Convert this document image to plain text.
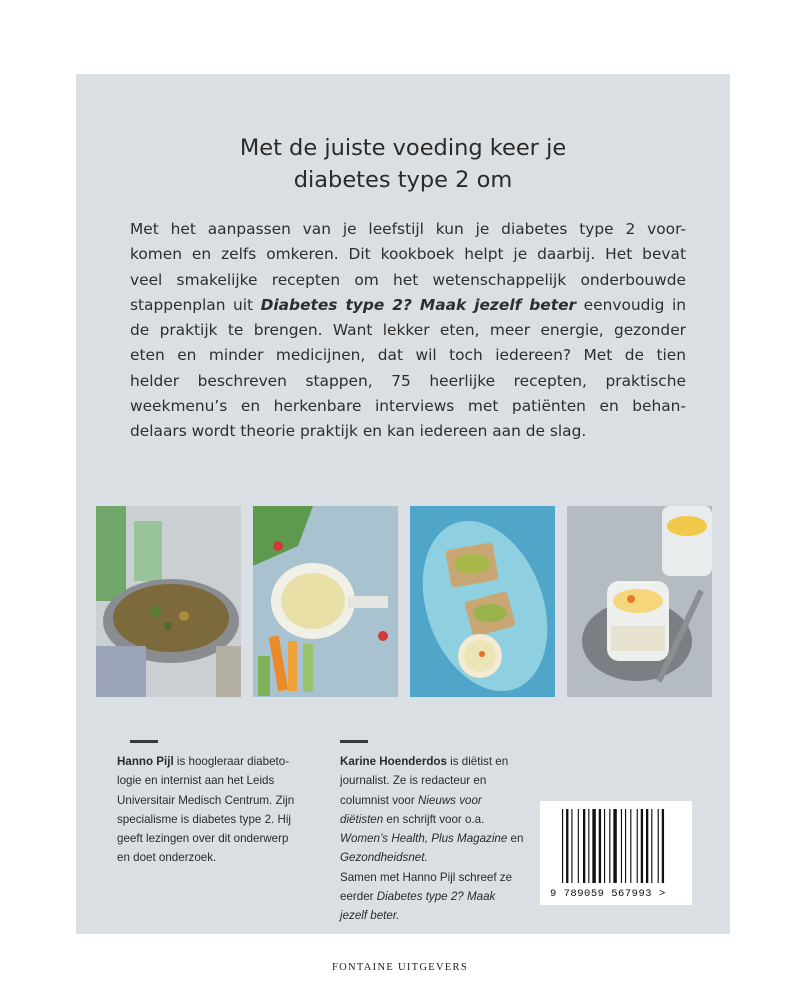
Met de juiste voeding keer je
diabetes type 2 om
Met het aanpassen van je leefstijl kun je diabetes type 2 voor-
komen en zelfs omkeren. Dit kookboek helpt je daarbij. Het bevat
veel smakelijke recepten om het wetenschappelijk onderbouwde
stappenplan uit Diabetes type 2? Maak jezelf beter eenvoudig in
de praktijk te brengen. Want lekker eten, meer energie, gezonder
eten en minder medicijnen, dat wil toch iedereen? Met de tien
helder beschreven stappen, 75 heerlijke recepten, praktische
weekmenu’s en herkenbare interviews met patiënten en behan-
delaars wordt theorie praktijk en kan iedereen aan de slag.
Hanno Pijl is hoogleraar diabeto-
logie en internist aan het Leids
Universitair Medisch Centrum. Zijn
specialisme is diabetes type 2. Hij
geeft lezingen over dit onderwerp
en doet onderzoek.
Karine Hoenderdos is diëtist en
journalist. Ze is redacteur en
columnist voor Nieuws voor
diëtisten en schrijft voor o.a.
Women’s Health, Plus Magazine en
Gezondheidsnet.
Samen met Hanno Pijl schreef ze
eerder Diabetes type 2? Maak
jezelf beter.
9 789059 567993 >
FONTAINE UITGEVERS
